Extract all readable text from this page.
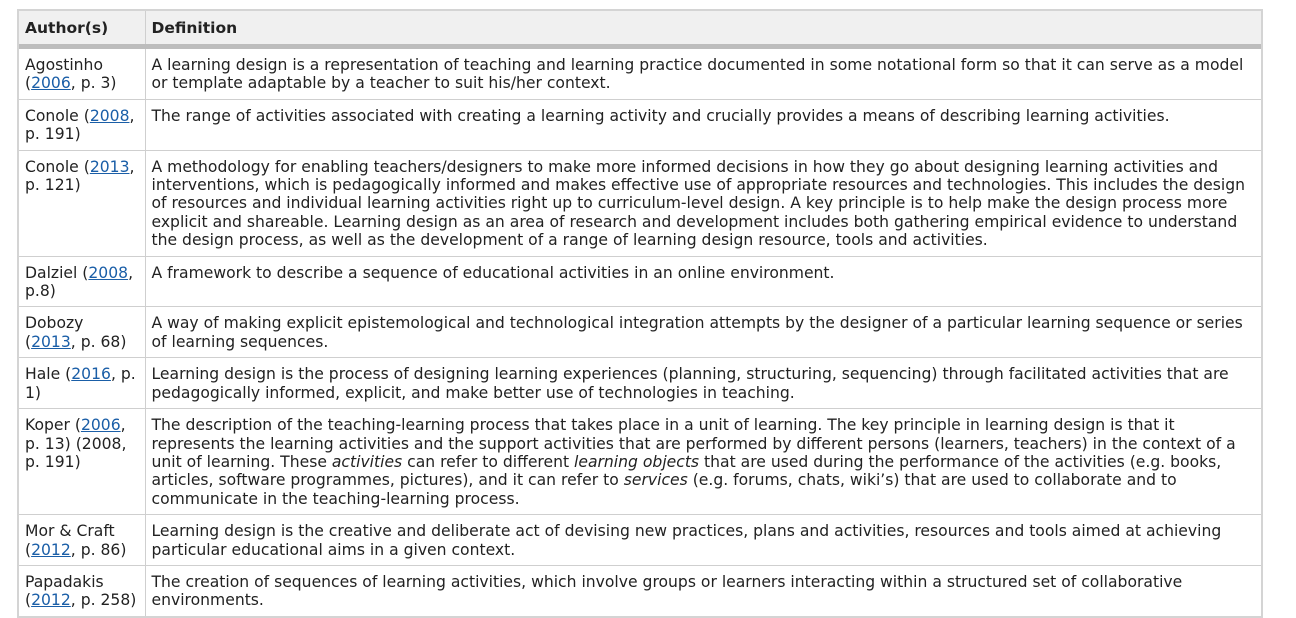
Author(s)	Definition
Agostinho (2006, p. 3)	A learning design is a representation of teaching and learning practice documented in some notational form so that it can serve as a model or template adaptable by a teacher to suit his/her context.
Conole (2008, p. 191)	The range of activities associated with creating a learning activity and crucially provides a means of describing learning activities.
Conole (2013, p. 121)	A methodology for enabling teachers/designers to make more informed decisions in how they go about designing learning activities and interventions, which is pedagogically informed and makes effective use of appropriate resources and technologies. This includes the design of resources and individual learning activities right up to curriculum-level design. A key principle is to help make the design process more explicit and shareable. Learning design as an area of research and development includes both gathering empirical evidence to understand the design process, as well as the development of a range of learning design resource, tools and activities.
Dalziel (2008, p.8)	A framework to describe a sequence of educational activities in an online environment.
Dobozy (2013, p. 68)	A way of making explicit epistemological and technological integration attempts by the designer of a particular learning sequence or series of learning sequences.
Hale (2016, p. 1)	Learning design is the process of designing learning experiences (planning, structuring, sequencing) through facilitated activities that are pedagogically informed, explicit, and make better use of technologies in teaching.
Koper (2006, p. 13) (2008, p. 191)	The description of the teaching-learning process that takes place in a unit of learning. The key principle in learning design is that it represents the learning activities and the support activities that are performed by different persons (learners, teachers) in the context of a unit of learning. These activities can refer to different learning objects that are used during the performance of the activities (e.g. books, articles, software programmes, pictures), and it can refer to services (e.g. forums, chats, wiki’s) that are used to collaborate and to communicate in the teaching-learning process.
Mor & Craft (2012, p. 86)	Learning design is the creative and deliberate act of devising new practices, plans and activities, resources and tools aimed at achieving particular educational aims in a given context.
Papadakis (2012, p. 258)	The creation of sequences of learning activities, which involve groups or learners interacting within a structured set of collaborative environments.
